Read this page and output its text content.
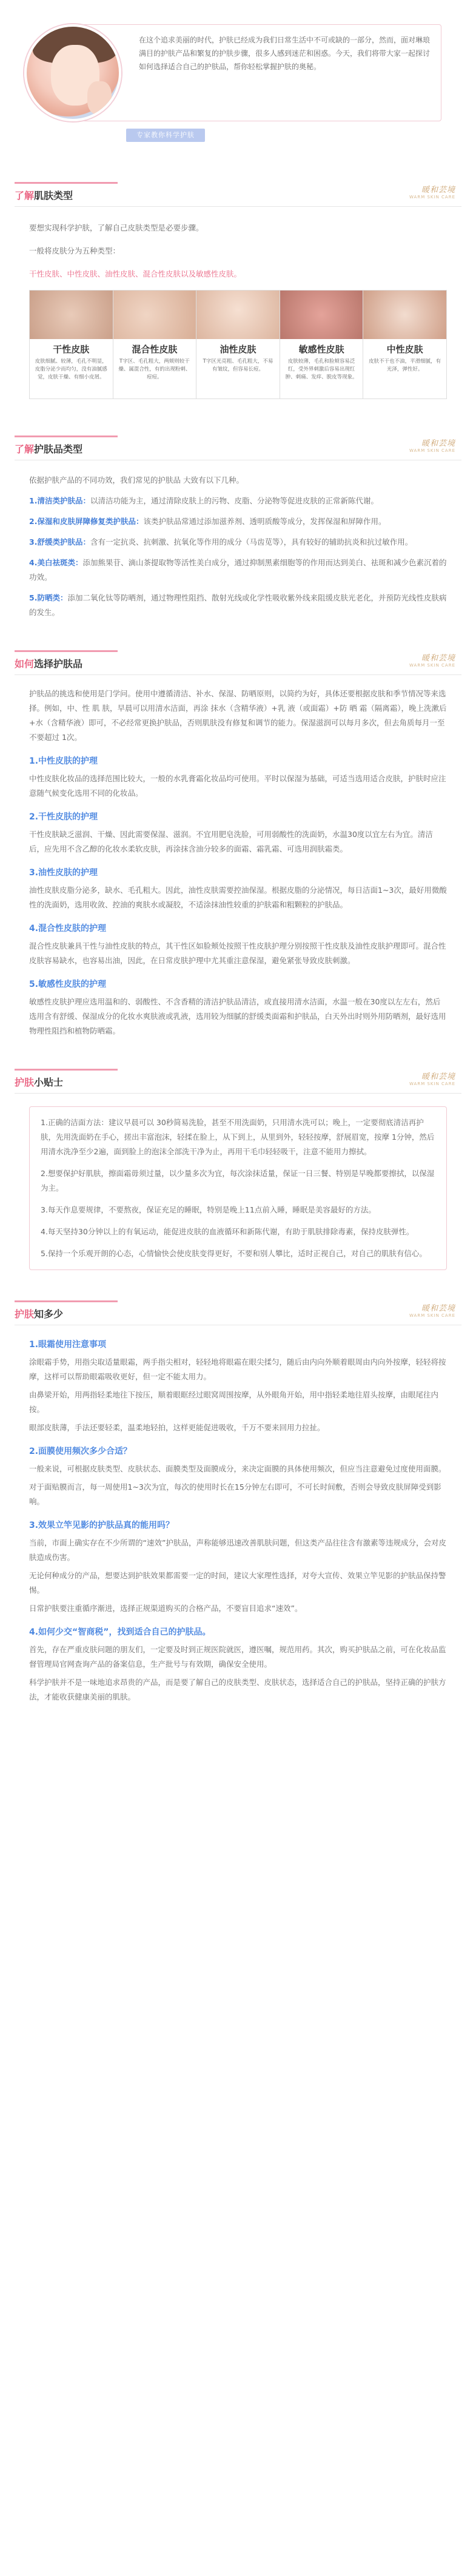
在这个追求美丽的时代，护肤已经成为我们日常生活中不可或缺的一部分，然而，面对琳琅满目的护肤产品和繁复的护肤步骤，很多人感到迷茫和困惑。今天，我们将带大家一起探讨如何选择适合自己的护肤品，帮你轻松掌握护肤的奥秘。
专家教你科学护肤
了解肌肤类型	暖和芸境
WARM SKIN CARE
要想实现科学护肤，了解自己皮肤类型是必要步骤。
一般将皮肤分为五种类型：
干性皮肤、中性皮肤、油性皮肤、混合性皮肤以及敏感性皮肤。
干性皮肤
皮肤细腻、较薄，毛孔不明显，皮脂分泌少而均匀，没有油腻感觉，皮肤干燥、有细小皮屑。
混合性皮肤
T字区、毛孔粗大，两颊则较干燥、属混合性，有的出现粉刺、痘痘。
油性皮肤
T字区光亮粗、毛孔粗大，不易有皱纹，但容易长痘。
敏感性皮肤
皮肤较薄，毛孔和脸颊容易泛红，受外界刺激后容易出现红肿、刺痛、发痒、脱皮等现象。
中性皮肤
皮肤不干也不油，平滑细腻，有光泽，弹性好。
了解护肤品类型	暖和芸境
WARM SKIN CARE
依据护肤产品的不同功效，我们常见的护肤品 大致有以下几种。
1.清洁类护肤品：以清洁功能为主，通过清除皮肤上的污物、皮脂、分泌物等促进皮肤的正常新陈代谢。
2.保湿和皮肤屏障修复类护肤品：该类护肤品常通过添加滋养剂、透明质酸等成分，发挥保湿和屏障作用。
3.舒缓类护肤品：含有一定抗炎、抗刺激、抗氧化等作用的成分（马齿苋等），具有较好的辅助抗炎和抗过敏作用。
4.美白祛斑类：添加熊果苷、滴山茶提取物等活性美白成分，通过抑制黑素细胞等的作用而达到美白、祛斑和减少色素沉着的功效。
5.防晒类：添加二氧化钛等防晒剂，通过物理性阻挡、散射光线或化学性吸收紫外线来阻缓皮肤光老化，并预防光线性皮肤病的发生。
如何选择护肤品	暖和芸境
WARM SKIN CARE
护肤品的挑选和使用是门学问。使用中遵循清洁、补水、保湿、防晒原则，以简约为好，具体还要根据皮肤和季节情况等来选择。例如，中、性 肌 肤，早晨可以用清水洁面，再涂 抹水（含精华液）+乳 液（或面霜）+防 晒 霜（隔离霜），晚上洗漱后+水（含精华液）即可，不必经常更换护肤品，否则肌肤没有修复和调节的能力。保湿滋润可以每月多次，但去角质每月一至不要超过 1次。
1.中性皮肤的护理
中性皮肤化妆品的选择范围比较大，一般的水乳膏霜化妆品均可使用。平时以保湿为基础，可适当选用适合皮肤，护肤时应注意随气候变化选用不同的化妆品。
2.干性皮肤的护理
干性皮肤缺乏滋润、干燥、因此需要保湿、滋润。不宜用肥皂洗脸，可用弱酸性的洗面奶，水温30度以宜左右为宜。清洁后，应先用不含乙醇的化妆水柔软皮肤，再涂抹含油分较多的面霜、霜乳霜、可选用润肤霜类。
3.油性皮肤的护理
油性皮肤皮脂分泌多，缺水、毛孔粗大。因此，油性皮肤需要控油保湿。根据皮脂的分泌情况，每日洁面1~3次，最好用微酸性的洗面奶，选用收敛、控油的爽肤水或凝胶，不适涂抹油性较重的护肤霜和粗颗粒的护肤品。
4.混合性皮肤的护理
混合性皮肤兼具干性与油性皮肤的特点，其干性区如脸颊处按照干性皮肤护理分别按照干性皮肤及油性皮肤护理即可。混合性皮肤容易缺水，也容易出油，因此，在日常皮肤护理中尤其重注意保湿，避免紧张导致皮肤刺激。
5.敏感性皮肤的护理
敏感性皮肤护理应选用温和的、弱酸性、不含香精的清洁护肤品清洁，或直接用清水洁面，水温一般在30度以左左右，然后选用含有舒缓、保湿成分的化妆水爽肤液或乳液，选用较为细腻的舒缓类面霜和护肤品，白天外出时则外用防晒剂，最好选用物理性阻挡和植物防晒霜。
护肤小贴士	暖和芸境
WARM SKIN CARE
1.正确的洁面方法：建议早晨可以 30秒简易洗脸，甚至不用洗面奶，只用清水洗可以；晚上，一定要彻底清洁再护肤，先用洗面奶在手心，搓出丰富泡沫，轻揉在脸上，从下到上，从里到外，轻轻按摩，舒展眉宽，按摩 1分钟，然后用清水洗净至少2遍，面到脸上的泡沫全部洗干净为止，再用干毛巾轻轻吸干，注意不能用力擦拭。
2.想要保护好肌肤，擦面霜毋须过量，以少量多次为宜，每次涂抹适量，保证一日三餐、特别是早晚都要擦拭，以保湿为主。
3.每天作息要规律，不要熬夜，保证充足的睡眠，特别是晚上11点前入睡，睡眠是美容最好的方法。
4.每天坚持30分钟以上的有氧运动，能促进皮肤的血液循环和新陈代谢，有助于肌肤排除毒素，保持皮肤弹性。
5.保持一个乐观开朗的心态，心情愉快会使皮肤变得更好，不要和别人攀比，适时正视自己，对自己的肌肤有信心。
护肤知多少	暖和芸境
WARM SKIN CARE
1.眼霜使用注意事项
涂眼霜手势，用指尖取适量眼霜，两手指尖相对，轻轻地将眼霜在眼尖揉匀，随后由内向外顺着眼周由内向外按摩，轻轻将按摩，这样可以帮助眼霜吸收更好，但一定不能太用力。
由鼻梁开始，用两指轻柔地往下按压，顺着眼眶经过眼窝周围按摩，从外眼角开始，用中指轻柔地往眉头按摩，由眼尾往内按。
眼部皮肤薄，手法还要轻柔，温柔地轻拍，这样更能促进吸收，千万不要来回用力拉扯。
2.面膜使用频次多少合适？
一般来说，可根据皮肤类型、皮肤状态、面膜类型及面膜成分，来决定面膜的具体使用频次，但应当注意避免过度使用面膜。
对于面贴膜而言，每一周使用1~3次为宜，每次的使用时长在15分钟左右即可，不可长时间敷，否则会导致皮肤屏障受到影响。
3.效果立竿见影的护肤品真的能用吗？
当前，市面上确实存在不少所谓的“速效”护肤品，声称能够迅速改善肌肤问题，但这类产品往往含有激素等违规成分，会对皮肤造成伤害。
无论何种成分的产品，想要达到护肤效果都需要一定的时间，建议大家理性选择，对夸大宣传、效果立竿见影的护肤品保持警惕。
日常护肤要注重循序渐进，选择正规渠道购买的合格产品，不要盲目追求“速效”。
4.如何少交“智商税”，找到适合自己的护肤品。
首先，存在严重皮肤问题的朋友们，一定要及时到正规医院就医，遵医嘱，规范用药。其次，购买护肤品之前，可在化妆品监督管理局官网查询产品的备案信息，生产批号与有效期，确保安全使用。
科学护肤并不是一味地追求昂贵的产品，而是要了解自己的皮肤类型、皮肤状态，选择适合自己的护肤品，坚持正确的护肤方法，才能收获健康美丽的肌肤。
